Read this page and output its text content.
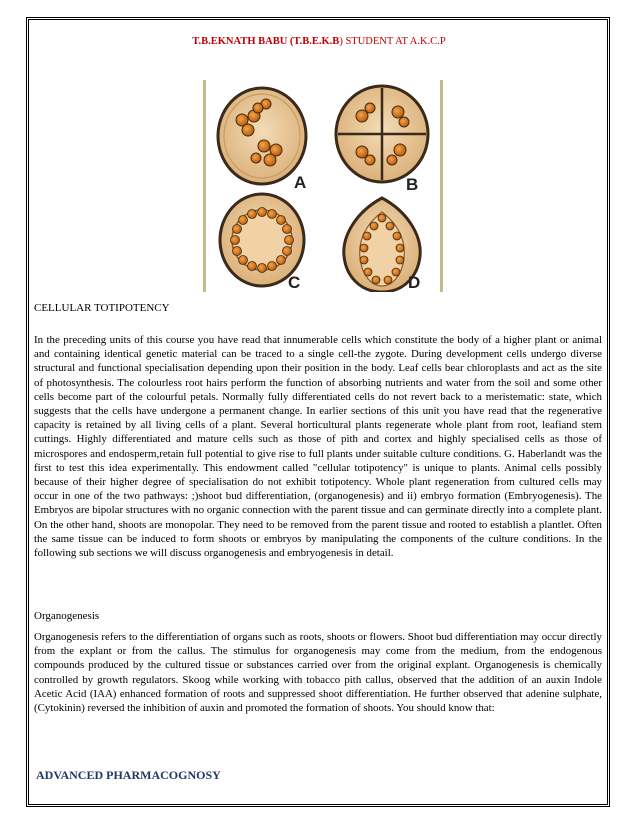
T.B.EKNATH BABU (T.B.E.K.B) STUDENT AT A.K.C.P
A	B
C	D
CELLULAR TOTIPOTENCY
In the preceding units of this course you have read that innumerable cells which constitute the body of a higher plant or animal and containing identical genetic material can be traced to a single cell-the zygote. During development cells undergo diverse structural and functional specialisation depending upon their position in the body. Leaf cells bear chloroplasts and act as the site of photosynthesis. The colourless root hairs perform the function of absorbing nutrients and water from the soil and some other cells become part of the colourful petals. Normally fully differentiated cells do not revert back to a meristematic: state, which suggests that the cells have undergone a permanent change. In earlier sections of this unit you have read that the regenerative capacity is retained by all living cells of a plant. Several horticultural plants regenerate whole plant from root, leafiand stem cuttings. Highly differentiated and mature cells such as those of pith and cortex and highly specialised cells as those of microspores and endosperm,retain full potential to give rise to full plants under suitable culture conditions. G. Haberlandt was the first to test this idea experimentally. This endowment called "cellular totipotency" is unique to plants. Animal cells possibly because of their higher degree of specialisation do not exhibit totipotency. Whole plant regeneration from cultured cells may occur in one of the two pathways: ;)shoot bud differentiation, (organogenesis) and ii) embryo formation (Embryogenesis). The Embryos are bipolar structures with no organic connection with the parent tissue and can germinate directly into a complete plant. On the other hand, shoots are monopolar. They need to be removed from the parent tissue and rooted to establish a plantlet. Often the same tissue can be induced to form shoots or embryos by manipulating the components of the culture conditions. In the following sub sections we will discuss organogenesis and embryogenesis in detail.
Organogenesis
Organogenesis refers to the differentiation of organs such as roots, shoots or flowers. Shoot bud differentiation may occur directly from the explant or from the callus. The stimulus for organogenesis may come from the medium, from the endogenous compounds produced by the cultured tissue or substances carried over from the original explant. Organogenesis is chemically controlled by growth regulators. Skoog while working with tobacco pith callus, observed that the addition of an auxin Indole Acetic Acid (IAA) enhanced formation of roots and suppressed shoot differentiation. He further observed that adenine sulphate, (Cytokinin) reversed the inhibition of auxin and promoted the formation of shoots. You should know that:
ADVANCED PHARMACOGNOSY
